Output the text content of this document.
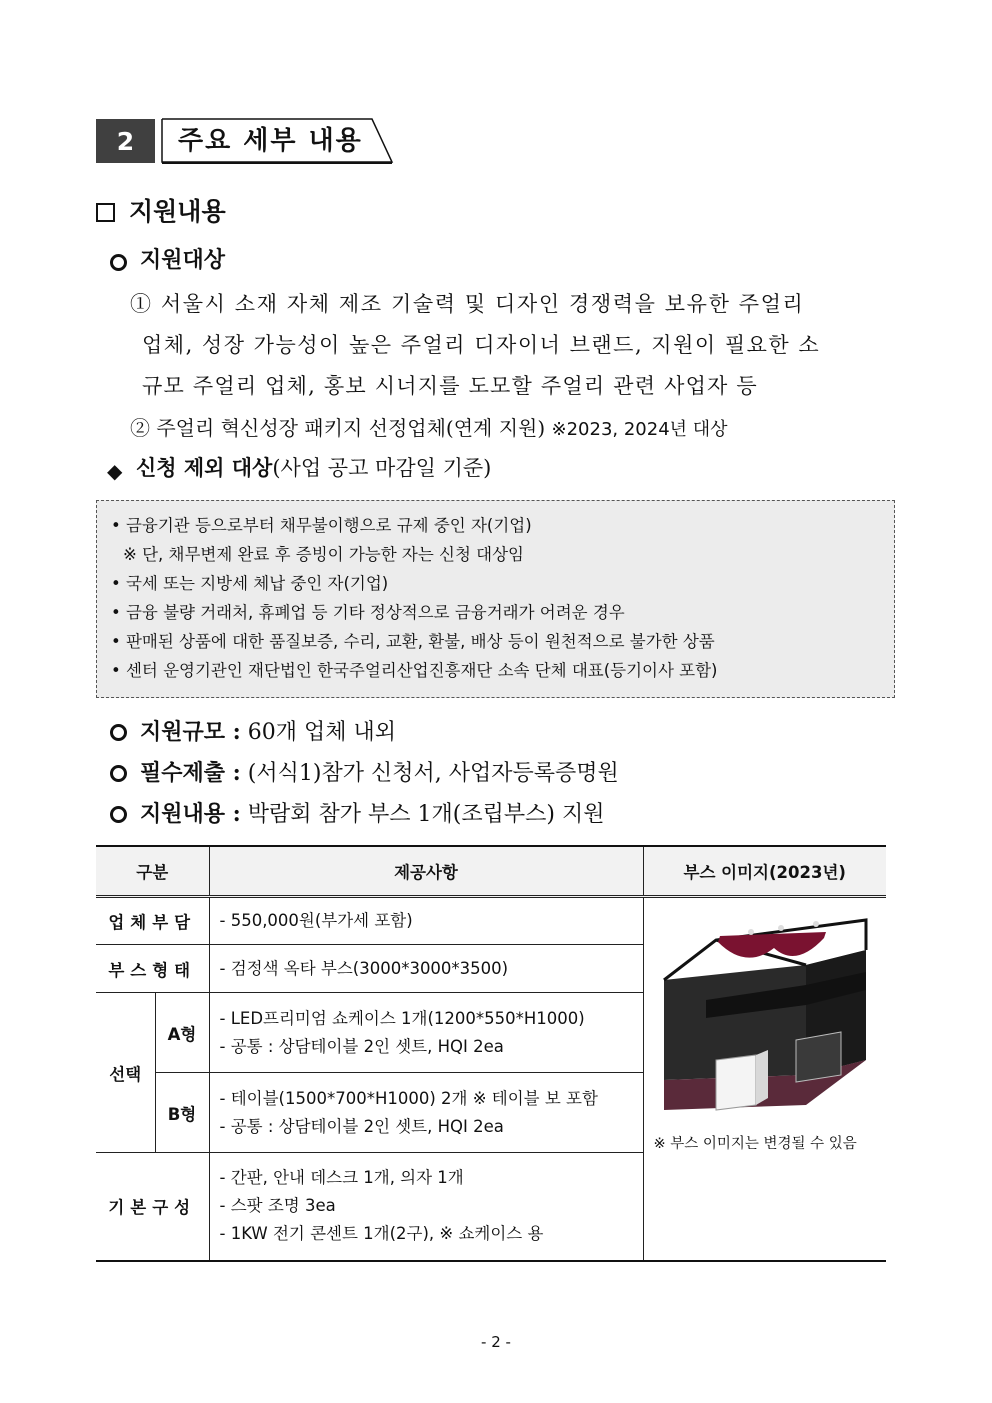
2	주요 세부 내용
지원내용
지원대상
① 서울시 소재 자체 제조 기술력 및 디자인 경쟁력을 보유한 주얼리
업체, 성장 가능성이 높은 주얼리 디자이너 브랜드, 지원이 필요한 소
규모 주얼리 업체, 홍보 시너지를 도모할 주얼리 관련 사업자 등
② 주얼리 혁신성장 패키지 선정업체(연계 지원) ※2023, 2024년 대상
◆ 신청 제외 대상(사업 공고 마감일 기준)
• 금융기관 등으로부터 채무불이행으로 규제 중인 자(기업)
※ 단, 채무변제 완료 후 증빙이 가능한 자는 신청 대상임
• 국세 또는 지방세 체납 중인 자(기업)
• 금융 불량 거래처, 휴폐업 등 기타 정상적으로 금융거래가 어려운 경우
• 판매된 상품에 대한 품질보증, 수리, 교환, 환불, 배상 등이 원천적으로 불가한 상품
• 센터 운영기관인 재단법인 한국주얼리산업진흥재단 소속 단체 대표(등기이사 포함)
지원규모 : 60개 업체 내외
필수제출 : (서식1)참가 신청서, 사업자등록증명원
지원내용 : 박람회 참가 부스 1개(조립부스) 지원
구분		제공사항	부스 이미지(2023년)
업체부담		- 550,000원(부가세 포함)	※ 부스 이미지는 변경될 수 있음

부스형태		- 검정색 옥타 부스(3000*3000*3500)	
선택	A형	- LED프리미엄 쇼케이스 1개(1200*550*H1000)
- 공통 : 상담테이블 2인 셋트, HQI 2ea	

	B형	- 테이블(1500*700*H1000) 2개 ※ 테이블 보 포함
- 공통 : 상담테이블 2인 셋트, HQI 2ea	

기본구성		- 간판, 안내 데스크 1개, 의자 1개
- 스팟 조명 3ea
- 1KW 전기 콘센트 1개(2구), ※ 쇼케이스 용	
- 2 -
